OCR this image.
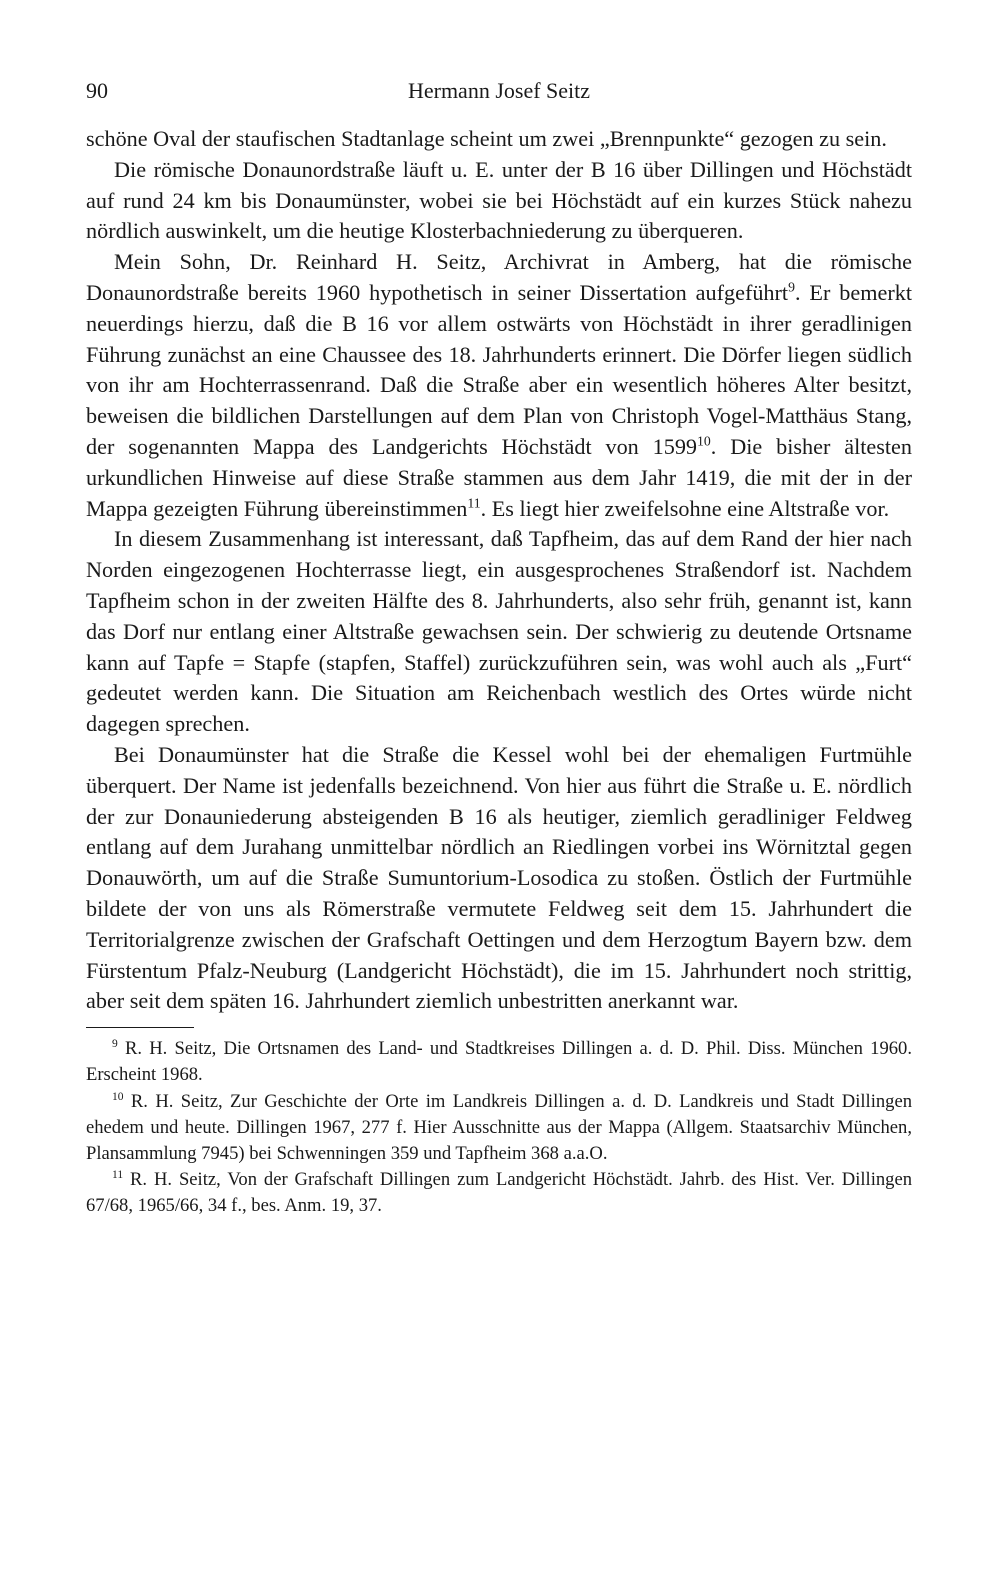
90	Hermann Josef Seitz

schöne Oval der staufischen Stadtanlage scheint um zwei „Brennpunkte“ gezogen zu sein.

Die römische Donaunordstraße läuft u. E. unter der B 16 über Dillingen und Höchstädt auf rund 24 km bis Donaumünster, wobei sie bei Höchstädt auf ein kurzes Stück nahezu nördlich auswinkelt, um die heutige Klosterbachniederung zu überqueren.

Mein Sohn, Dr. Reinhard H. Seitz, Archivrat in Amberg, hat die römische Donaunordstraße bereits 1960 hypothetisch in seiner Dissertation aufgeführt$^9$. Er bemerkt neuerdings hierzu, daß die B 16 vor allem ostwärts von Höchstädt in ihrer geradlinigen Führung zunächst an eine Chaussee des 18. Jahrhunderts erinnert. Die Dörfer liegen südlich von ihr am Hochterrassenrand. Daß die Straße aber ein wesentlich höheres Alter besitzt, beweisen die bildlichen Darstellungen auf dem Plan von Christoph Vogel-Matthäus Stang, der sogenannten Mappa des Landgerichts Höchstädt von 1599$^{10}$. Die bisher ältesten urkundlichen Hinweise auf diese Straße stammen aus dem Jahr 1419, die mit der in der Mappa gezeigten Führung übereinstimmen$^{11}$. Es liegt hier zweifelsohne eine Altstraße vor.

In diesem Zusammenhang ist interessant, daß Tapfheim, das auf dem Rand der hier nach Norden eingezogenen Hochterrasse liegt, ein ausgesprochenes Straßendorf ist. Nachdem Tapfheim schon in der zweiten Hälfte des 8. Jahrhunderts, also sehr früh, genannt ist, kann das Dorf nur entlang einer Altstraße gewachsen sein. Der schwierig zu deutende Ortsname kann auf Tapfe = Stapfe (stapfen, Staffel) zurückzuführen sein, was wohl auch als „Furt“ gedeutet werden kann. Die Situation am Reichenbach westlich des Ortes würde nicht dagegen sprechen.

Bei Donaumünster hat die Straße die Kessel wohl bei der ehemaligen Furtmühle überquert. Der Name ist jedenfalls bezeichnend. Von hier aus führt die Straße u. E. nördlich der zur Donauniederung absteigenden B 16 als heutiger, ziemlich geradliniger Feldweg entlang auf dem Jurahang unmittelbar nördlich an Riedlingen vorbei ins Wörnitztal gegen Donauwörth, um auf die Straße Sumuntorium-Losodica zu stoßen. Östlich der Furtmühle bildete der von uns als Römerstraße vermutete Feldweg seit dem 15. Jahrhundert die Territorialgrenze zwischen der Grafschaft Oettingen und dem Herzogtum Bayern bzw. dem Fürstentum Pfalz-Neuburg (Landgericht Höchstädt), die im 15. Jahrhundert noch strittig, aber seit dem späten 16. Jahrhundert ziemlich unbestritten anerkannt war.

$^9$ R. H. Seitz, Die Ortsnamen des Land- und Stadtkreises Dillingen a. d. D. Phil. Diss. München 1960. Erscheint 1968.

$^{10}$ R. H. Seitz, Zur Geschichte der Orte im Landkreis Dillingen a. d. D. Landkreis und Stadt Dillingen ehedem und heute. Dillingen 1967, 277 f. Hier Ausschnitte aus der Mappa (Allgem. Staatsarchiv München, Plansammlung 7945) bei Schwenningen 359 und Tapfheim 368 a.a.O.

$^{11}$ R. H. Seitz, Von der Grafschaft Dillingen zum Landgericht Höchstädt. Jahrb. des Hist. Ver. Dillingen 67/68, 1965/66, 34 f., bes. Anm. 19, 37.
